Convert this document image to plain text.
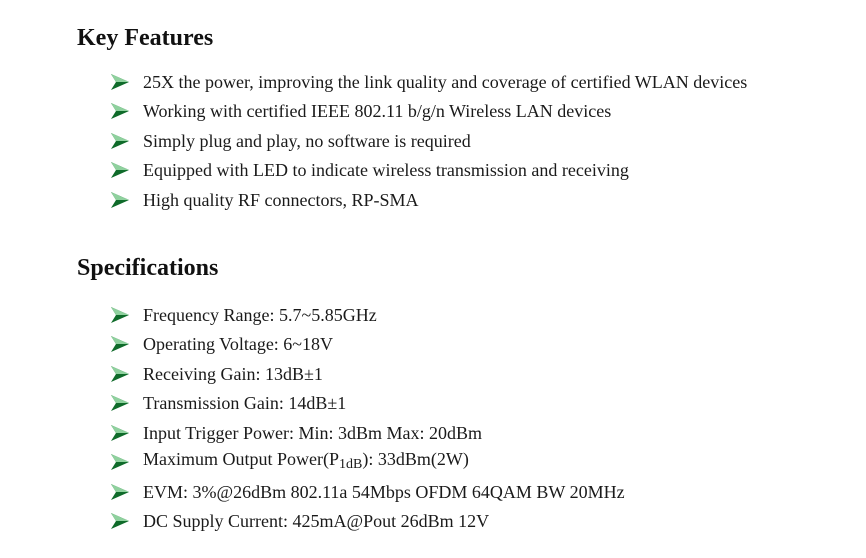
Key Features
25X the power, improving the link quality and coverage of certified WLAN devices
Working with certified IEEE 802.11 b/g/n Wireless LAN devices
Simply plug and play, no software is required
Equipped with LED to indicate wireless transmission and receiving
High quality RF connectors, RP-SMA
Specifications
Frequency Range: 5.7~5.85GHz
Operating Voltage: 6~18V
Receiving Gain: 13dB±1
Transmission Gain: 14dB±1
Input Trigger Power: Min: 3dBm Max: 20dBm
Maximum Output $Power(P_{1dB})$: 33dBm(2W)
EVM: 3%@26dBm 802.11a 54Mbps OFDM 64QAM BW 20MHz
DC Supply Current: 425mA@Pout 26dBm 12V
